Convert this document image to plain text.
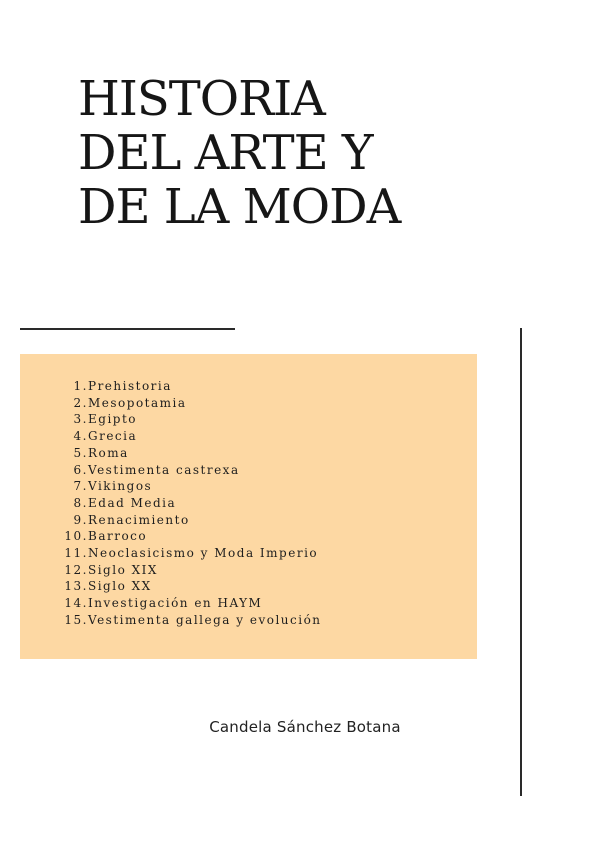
HISTORIA
DEL ARTE Y
DE LA MODA
1.Prehistoria
2.Mesopotamia
3.Egipto
4.Grecia
5.Roma
6.Vestimenta castrexa
7.Vikingos
8.Edad Media
9.Renacimiento
10.Barroco
11.Neoclasicismo y Moda Imperio
12.Siglo XIX
13.Siglo XX
14.Investigación en HAYM
15.Vestimenta gallega y evolución

Candela Sánchez Botana
